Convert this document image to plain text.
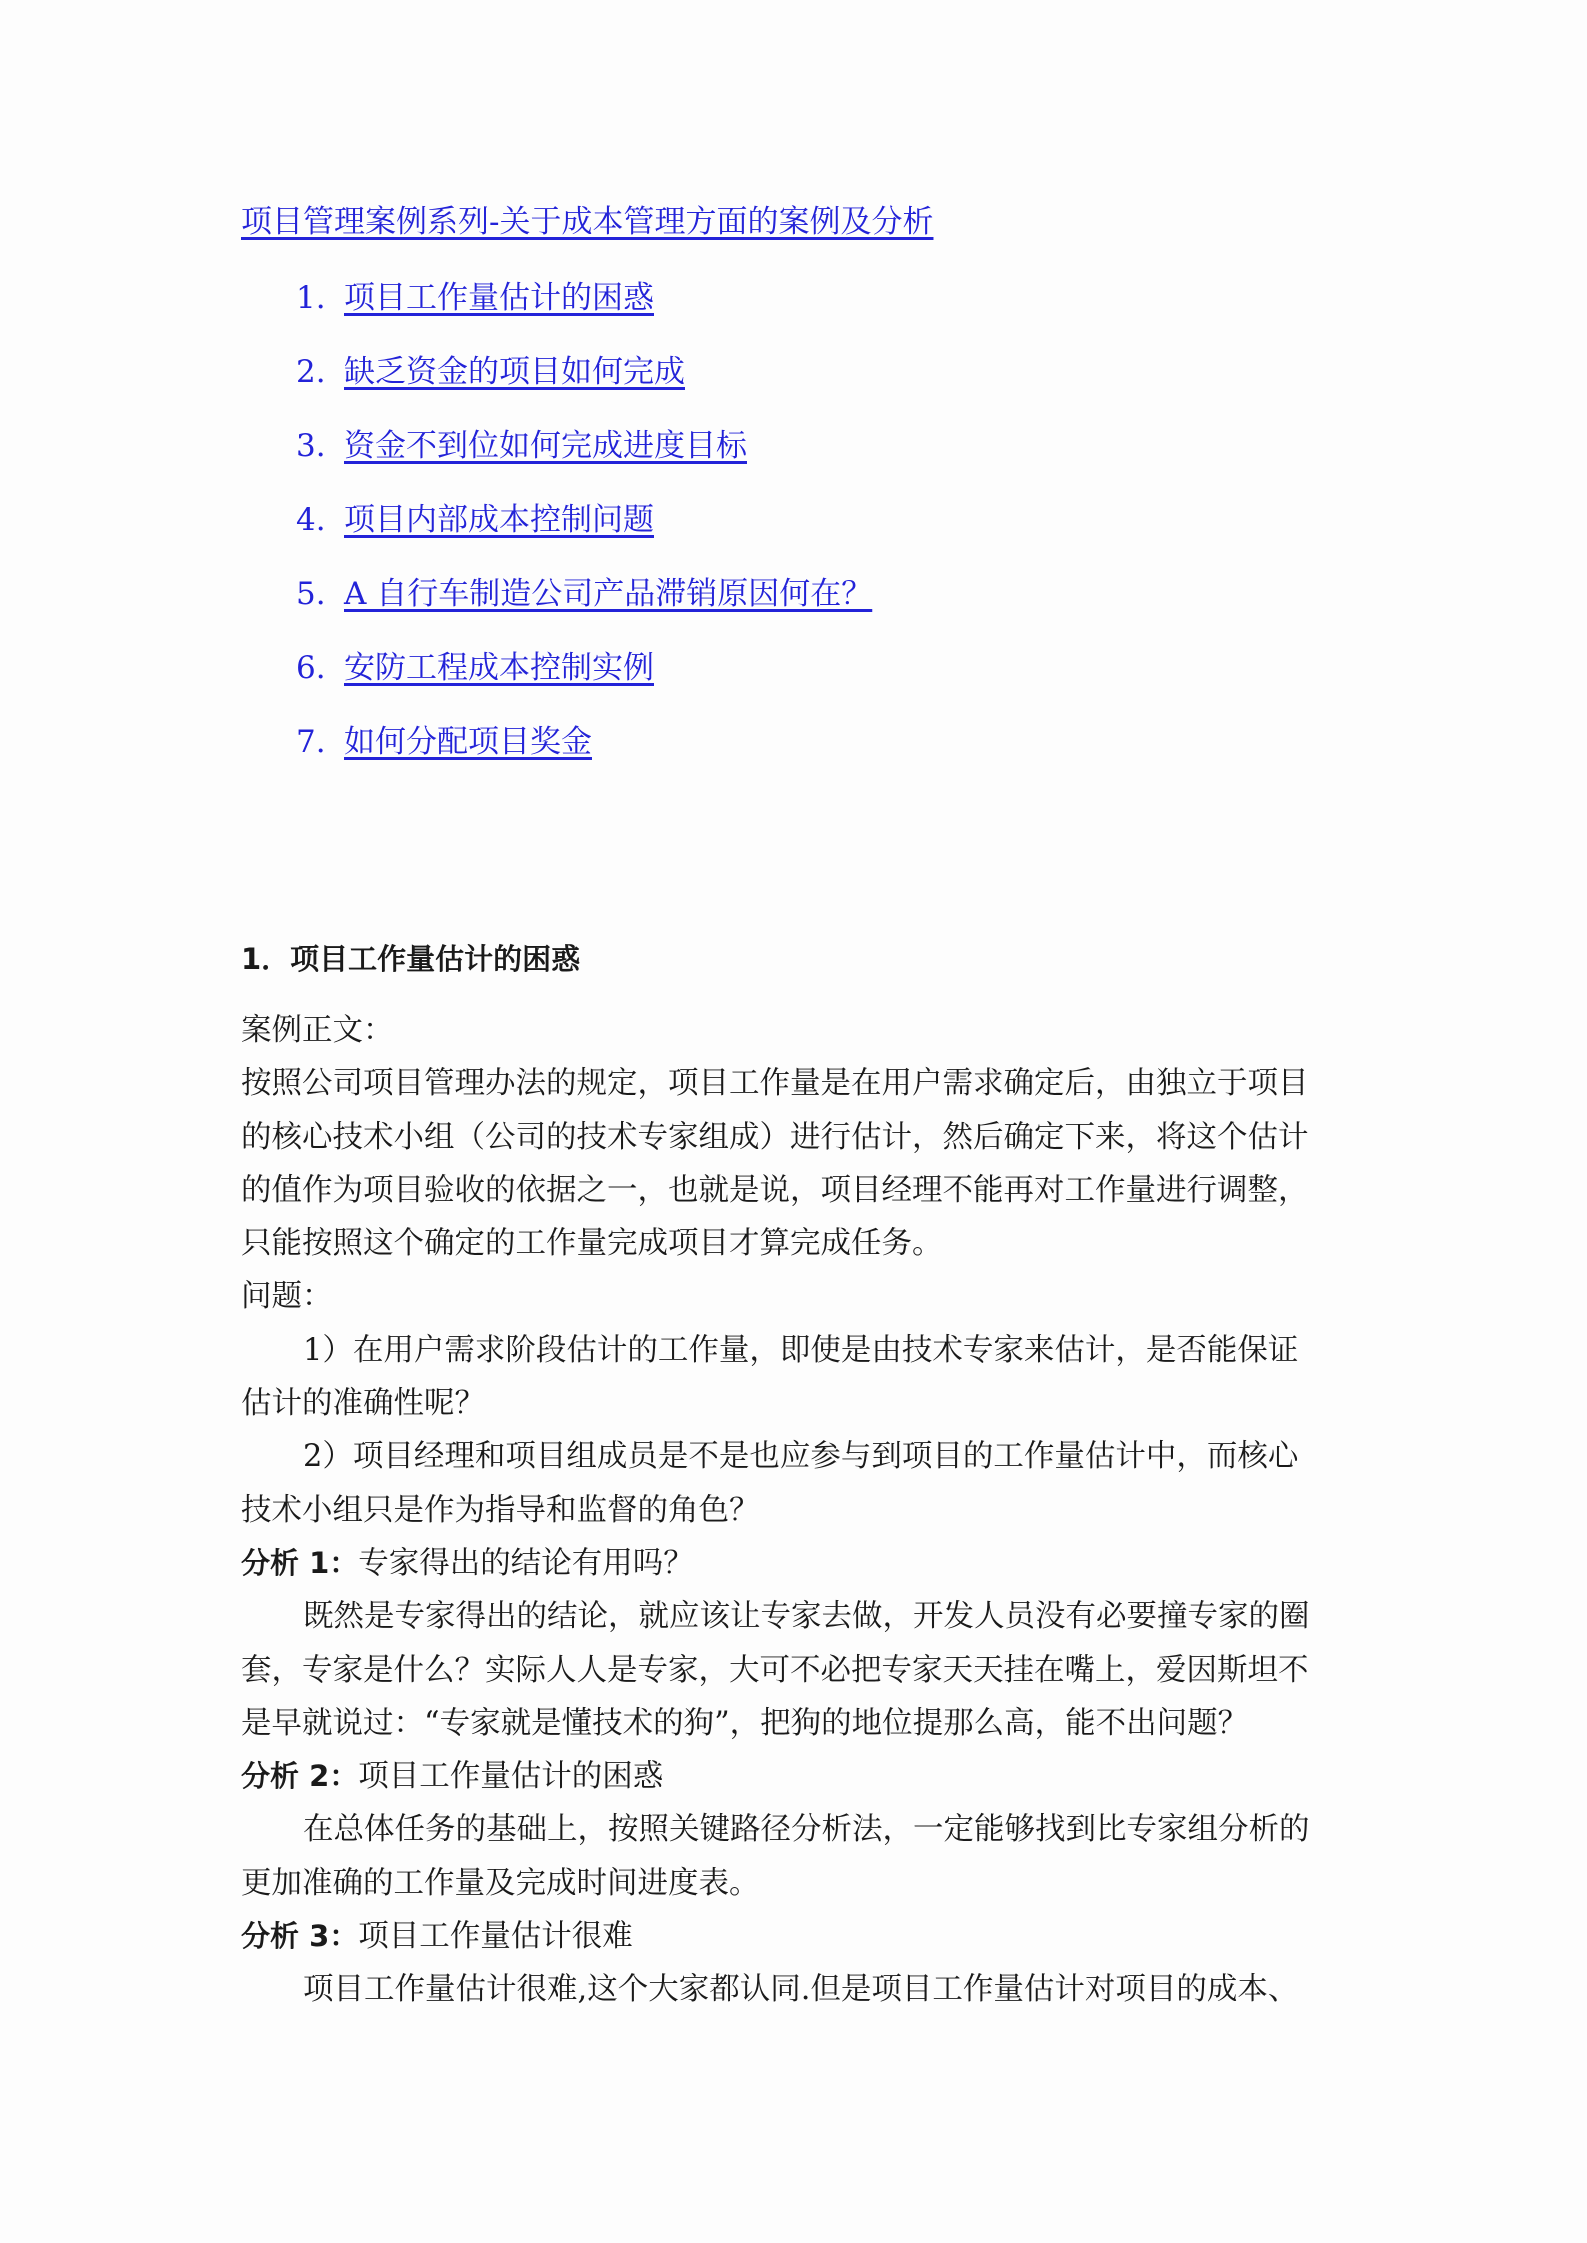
项目管理案例系列-关于成本管理方面的案例及分析
1. 项目工作量估计的困惑
2. 缺乏资金的项目如何完成
3. 资金不到位如何完成进度目标
4. 项目内部成本控制问题
5. A 自行车制造公司产品滞销原因何在？
6. 安防工程成本控制实例
7. 如何分配项目奖金
1．项目工作量估计的困惑
案例正文：
按照公司项目管理办法的规定，项目工作量是在用户需求确定后，由独立于项目
的核心技术小组（公司的技术专家组成）进行估计，然后确定下来，将这个估计
的值作为项目验收的依据之一，也就是说，项目经理不能再对工作量进行调整，
只能按照这个确定的工作量完成项目才算完成任务。
问题：
1）在用户需求阶段估计的工作量，即使是由技术专家来估计，是否能保证
估计的准确性呢？
2）项目经理和项目组成员是不是也应参与到项目的工作量估计中，而核心
技术小组只是作为指导和监督的角色？
分析 1：专家得出的结论有用吗？
既然是专家得出的结论，就应该让专家去做，开发人员没有必要撞专家的圈
套，专家是什么？实际人人是专家，大可不必把专家天天挂在嘴上，爱因斯坦不
是早就说过：“专家就是懂技术的狗”，把狗的地位提那么高，能不出问题？
分析 2：项目工作量估计的困惑
在总体任务的基础上，按照关键路径分析法，一定能够找到比专家组分析的
更加准确的工作量及完成时间进度表。
分析 3：项目工作量估计很难
项目工作量估计很难,这个大家都认同.但是项目工作量估计对项目的成本、
